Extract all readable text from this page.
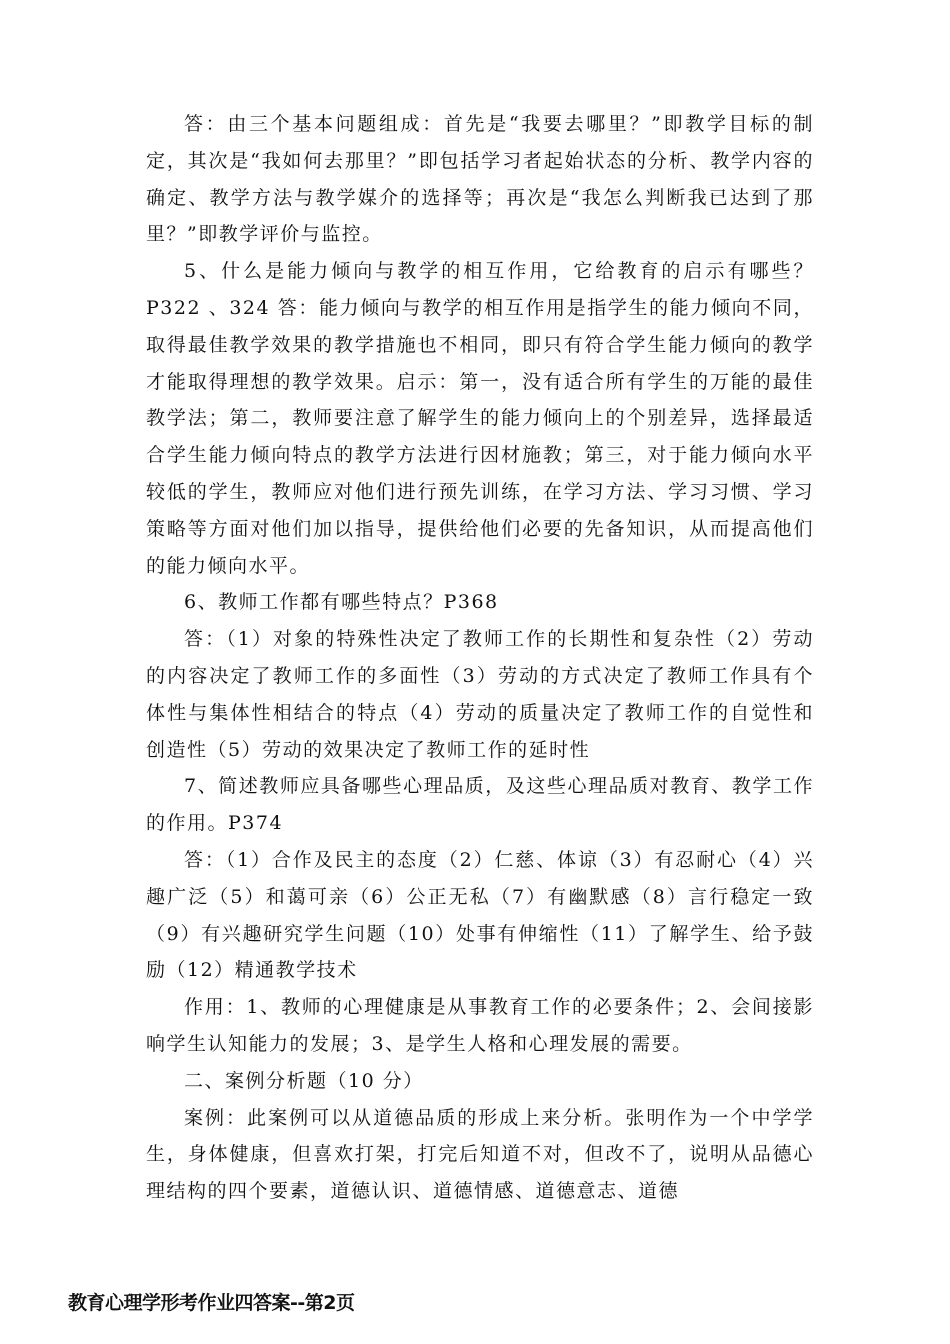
答：由三个基本问题组成：首先是“我要去哪里？”即教学目标的制定，其次是“我如何去那里？”即包括学习者起始状态的分析、教学内容的确定、教学方法与教学媒介的选择等；再次是“我怎么判断我已达到了那里？”即教学评价与监控。

5、什么是能力倾向与教学的相互作用，它给教育的启示有哪些？P322 、324 答：能力倾向与教学的相互作用是指学生的能力倾向不同，取得最佳教学效果的教学措施也不相同，即只有符合学生能力倾向的教学才能取得理想的教学效果。启示：第一，没有适合所有学生的万能的最佳教学法；第二，教师要注意了解学生的能力倾向上的个别差异，选择最适合学生能力倾向特点的教学方法进行因材施教；第三，对于能力倾向水平较低的学生，教师应对他们进行预先训练，在学习方法、学习习惯、学习策略等方面对他们加以指导，提供给他们必要的先备知识，从而提高他们的能力倾向水平。

6、教师工作都有哪些特点？P368

答：（1）对象的特殊性决定了教师工作的长期性和复杂性（2）劳动的内容决定了教师工作的多面性（3）劳动的方式决定了教师工作具有个体性与集体性相结合的特点（4）劳动的质量决定了教师工作的自觉性和创造性（5）劳动的效果决定了教师工作的延时性

7、简述教师应具备哪些心理品质，及这些心理品质对教育、教学工作的作用。P374

答：（1）合作及民主的态度（2）仁慈、体谅（3）有忍耐心（4）兴趣广泛（5）和蔼可亲（6）公正无私（7）有幽默感（8）言行稳定一致（9）有兴趣研究学生问题（10）处事有伸缩性（11）了解学生、给予鼓励（12）精通教学技术

作用：1、教师的心理健康是从事教育工作的必要条件；2、会间接影响学生认知能力的发展；3、是学生人格和心理发展的需要。

二、案例分析题（10 分）

案例：此案例可以从道德品质的形成上来分析。张明作为一个中学学生，身体健康，但喜欢打架，打完后知道不对，但改不了，说明从品德心理结构的四个要素，道德认识、道德情感、道德意志、道德

教育心理学形考作业四答案--第2页
